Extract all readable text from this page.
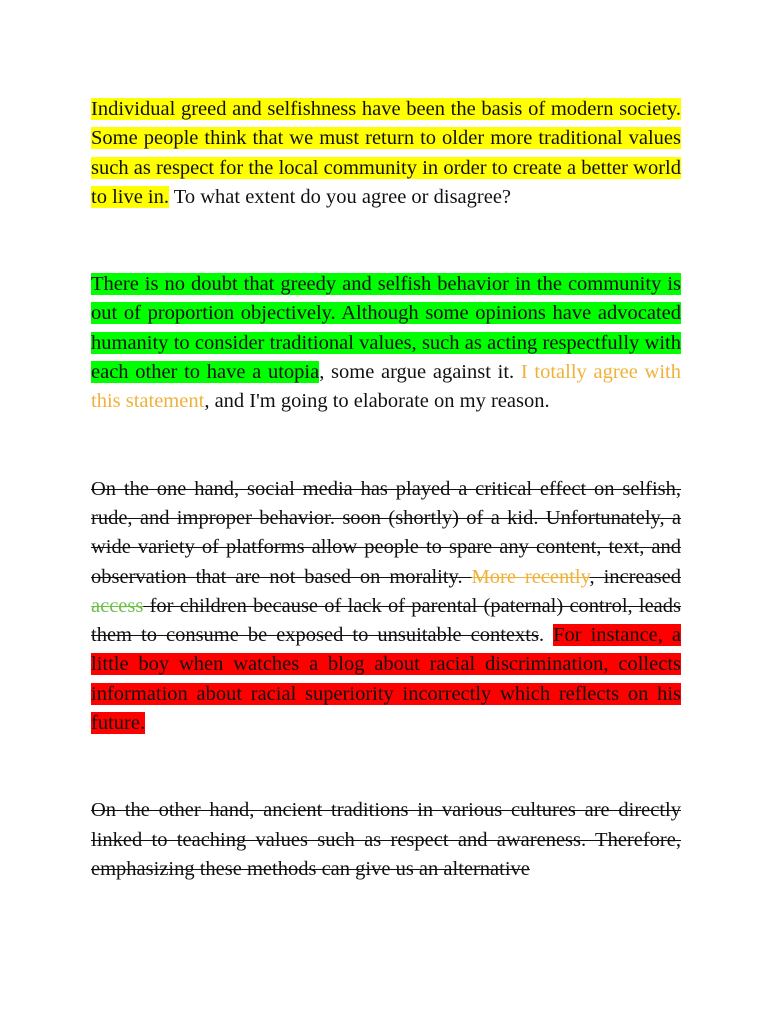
Individual greed and selfishness have been the basis of modern society. Some people think that we must return to older more traditional values such as respect for the local community in order to create a better world to live in. To what extent do you agree or disagree?

There is no doubt that greedy and selfish behavior in the community is out of proportion objectively. Although some opinions have advocated humanity to consider traditional values, such as acting respectfully with each other to have a utopia, some argue against it. I totally agree with this statement, and I'm going to elaborate on my reason.

On the one hand, social media has played a critical effect on selfish, rude, and improper behavior. soon (shortly) of a kid. Unfortunately, a wide variety of platforms allow people to spare any content, text, and observation that are not based on morality. More recently, increased access for children because of lack of parental (paternal) control, leads them to consume be exposed to unsuitable contexts. For instance, a little boy when watches a blog about racial discrimination, collects information about racial superiority incorrectly which reflects on his future.

On the other hand, ancient traditions in various cultures are directly linked to teaching values such as respect and awareness. Therefore, emphasizing these methods can give us an alternative
